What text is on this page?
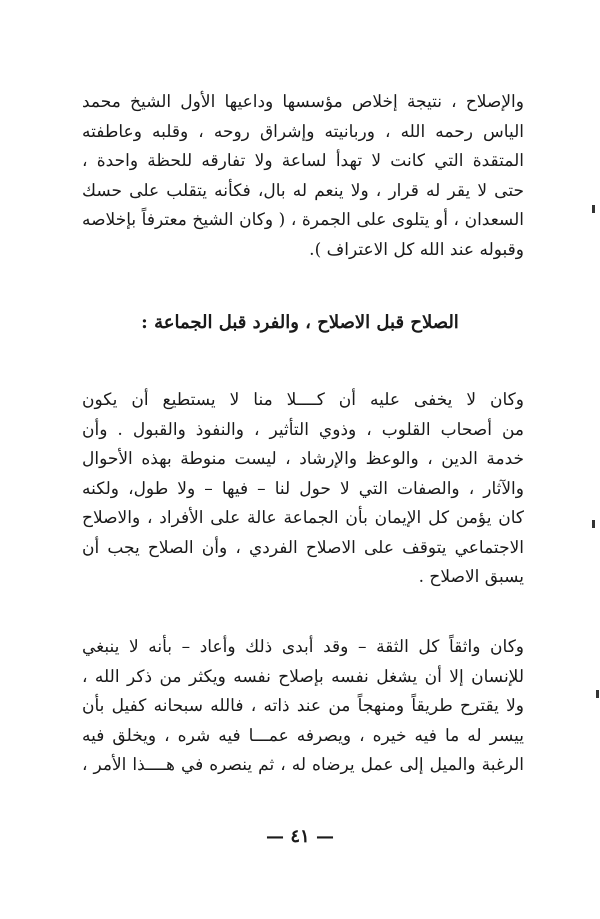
والإصلاح ، نتيجة إخلاص مؤسسها وداعيها الأول الشيخ محمد
الياس رحمه الله ، وربانيته وإشراق روحه ، وقلبه وعاطفته
المتقدة التي كانت لا تهدأ لساعة ولا تفارقه للحظة واحدة ،
حتى لا يقر له قرار ، ولا ينعم له بال، فكأنه يتقلب على حسك
السعدان ، أو يتلوى على الجمرة ، ( وكان الشيخ معترفاً بإخلاصه
وقبوله عند الله كل الاعتراف ).
الصلاح قبل الاصلاح ، والفرد قبل الجماعة :
وكان لا يخفى عليه أن كــــلا منا لا يستطيع أن يكون
من أصحاب القلوب ، وذوي التأثير ، والنفوذ والقبول . وأن
خدمة الدين ، والوعظ والإرشاد ، ليست منوطة بهذه الأحوال
والآثار ، والصفات التي لا حول لنا – فيها – ولا طول، ولكنه
كان يؤمن كل الإيمان بأن الجماعة عالة على الأفراد ، والاصلاح
الاجتماعي يتوقف على الاصلاح الفردي ، وأن الصلاح يجب أن
يسبق الاصلاح .
وكان واثقاً كل الثقة – وقد أبدى ذلك وأعاد – بأنه لا ينبغي
للإنسان إلا أن يشغل نفسه بإصلاح نفسه ويكثر من ذكر الله ،
ولا يقترح طريقاً ومنهجاً من عند ذاته ، فالله سبحانه كفيل بأن
ييسر له ما فيه خيره ، ويصرفه عمـــا فيه شره ، ويخلق فيه
الرغبة والميل إلى عمل يرضاه له ، ثم ينصره في هــــذا الأمر ،
— ٤١ —
